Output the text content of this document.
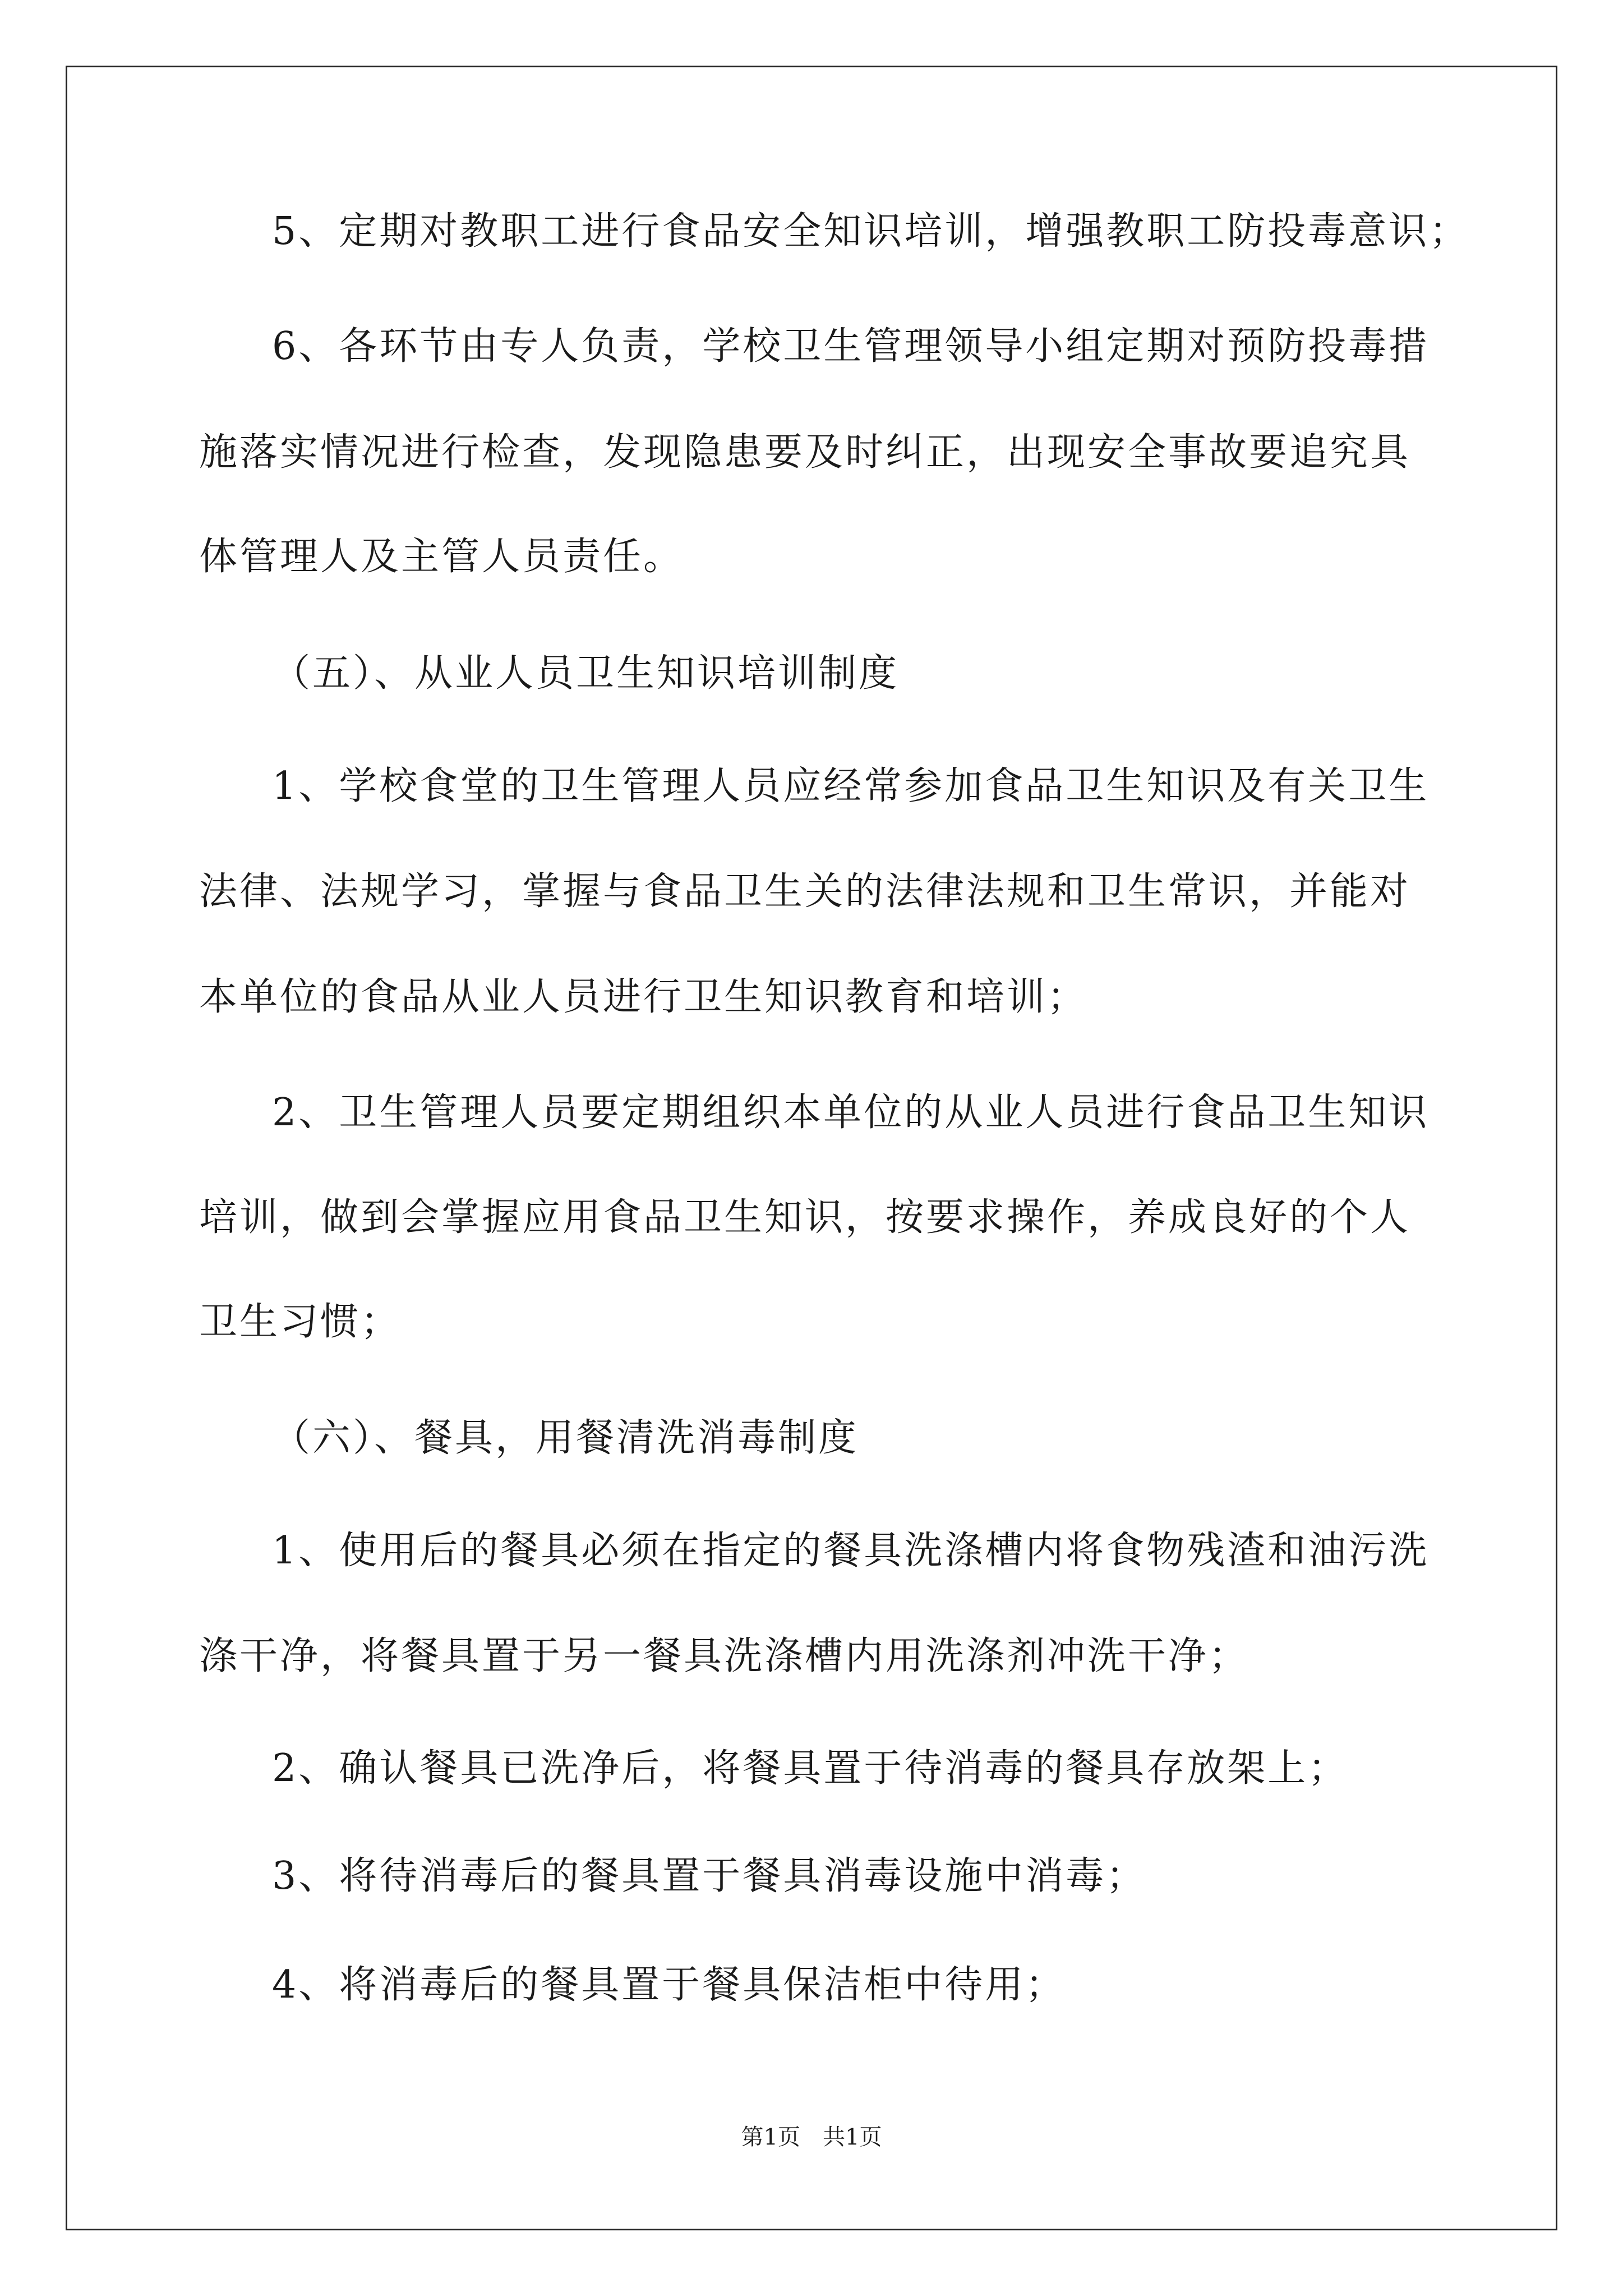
5、定期对教职工进行食品安全知识培训，增强教职工防投毒意识；
6、各环节由专人负责，学校卫生管理领导小组定期对预防投毒措
施落实情况进行检查，发现隐患要及时纠正，出现安全事故要追究具
体管理人及主管人员责任。
（五）、从业人员卫生知识培训制度
1、学校食堂的卫生管理人员应经常参加食品卫生知识及有关卫生
法律、法规学习，掌握与食品卫生关的法律法规和卫生常识，并能对
本单位的食品从业人员进行卫生知识教育和培训；
2、卫生管理人员要定期组织本单位的从业人员进行食品卫生知识
培训，做到会掌握应用食品卫生知识，按要求操作，养成良好的个人
卫生习惯；
（六）、餐具，用餐清洗消毒制度
1、使用后的餐具必须在指定的餐具洗涤槽内将食物残渣和油污洗
涤干净，将餐具置于另一餐具洗涤槽内用洗涤剂冲洗干净；
2、确认餐具已洗净后，将餐具置于待消毒的餐具存放架上；
3、将待消毒后的餐具置于餐具消毒设施中消毒；
4、将消毒后的餐具置于餐具保洁柜中待用；
第1页　共1页
